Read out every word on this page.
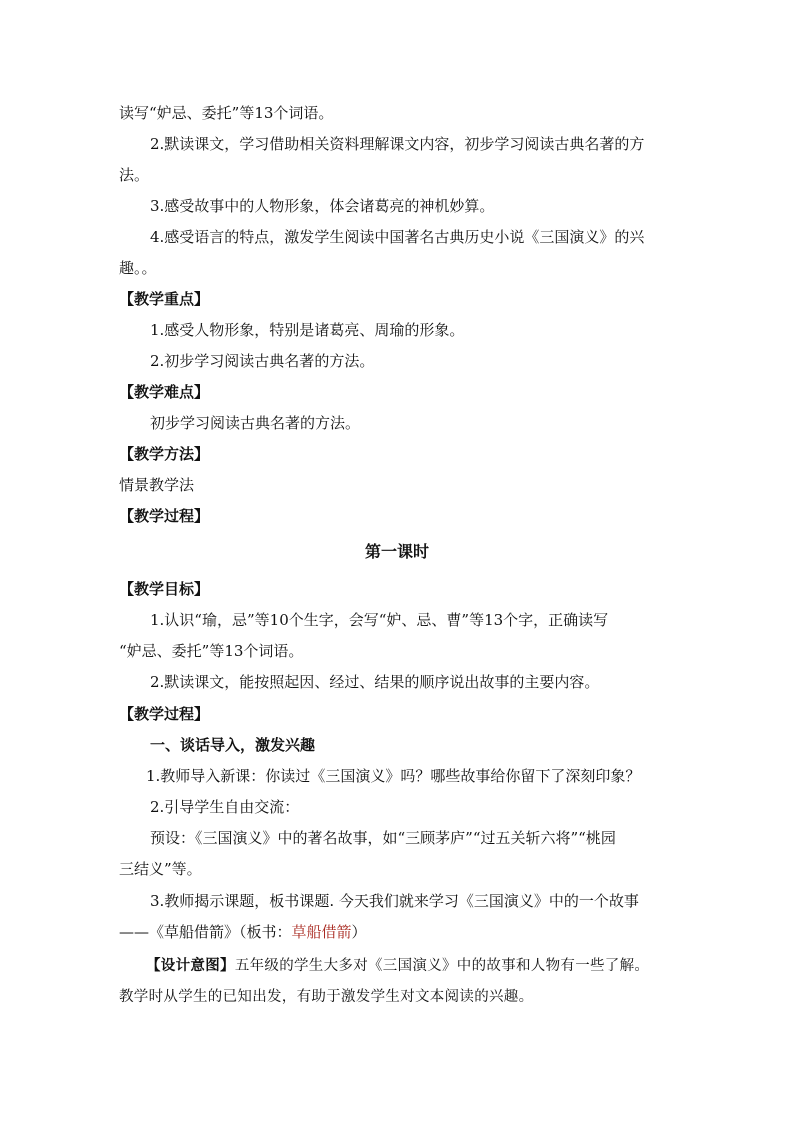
读写“妒忌、委托”等13个词语。
2.默读课文，学习借助相关资料理解课文内容，初步学习阅读古典名著的方
法。
3.感受故事中的人物形象，体会诸葛亮的神机妙算。
4.感受语言的特点，激发学生阅读中国著名古典历史小说《三国演义》的兴
趣。。
【教学重点】
1.感受人物形象，特别是诸葛亮、周瑜的形象。
2.初步学习阅读古典名著的方法。
【教学难点】
初步学习阅读古典名著的方法。
【教学方法】
情景教学法
【教学过程】
第一课时
【教学目标】
1.认识“瑜，忌”等10个生字，会写“妒、忌、曹”等13个字，正确读写
“妒忌、委托”等13个词语。
2.默读课文，能按照起因、经过、结果的顺序说出故事的主要内容。
【教学过程】
一、谈话导入，激发兴趣
1.教师导入新课：你读过《三国演义》吗？哪些故事给你留下了深刻印象？
2.引导学生自由交流：
预设：《三国演义》中的著名故事，如“三顾茅庐”“过五关斩六将”“桃园
三结义”等。
3.教师揭示课题，板书课题. 今天我们就来学习《三国演义》中的一个故事
——《草船借箭》（板书：草船借箭）
【设计意图】五年级的学生大多对《三国演义》中的故事和人物有一些了解。
教学时从学生的已知出发，有助于激发学生对文本阅读的兴趣。
